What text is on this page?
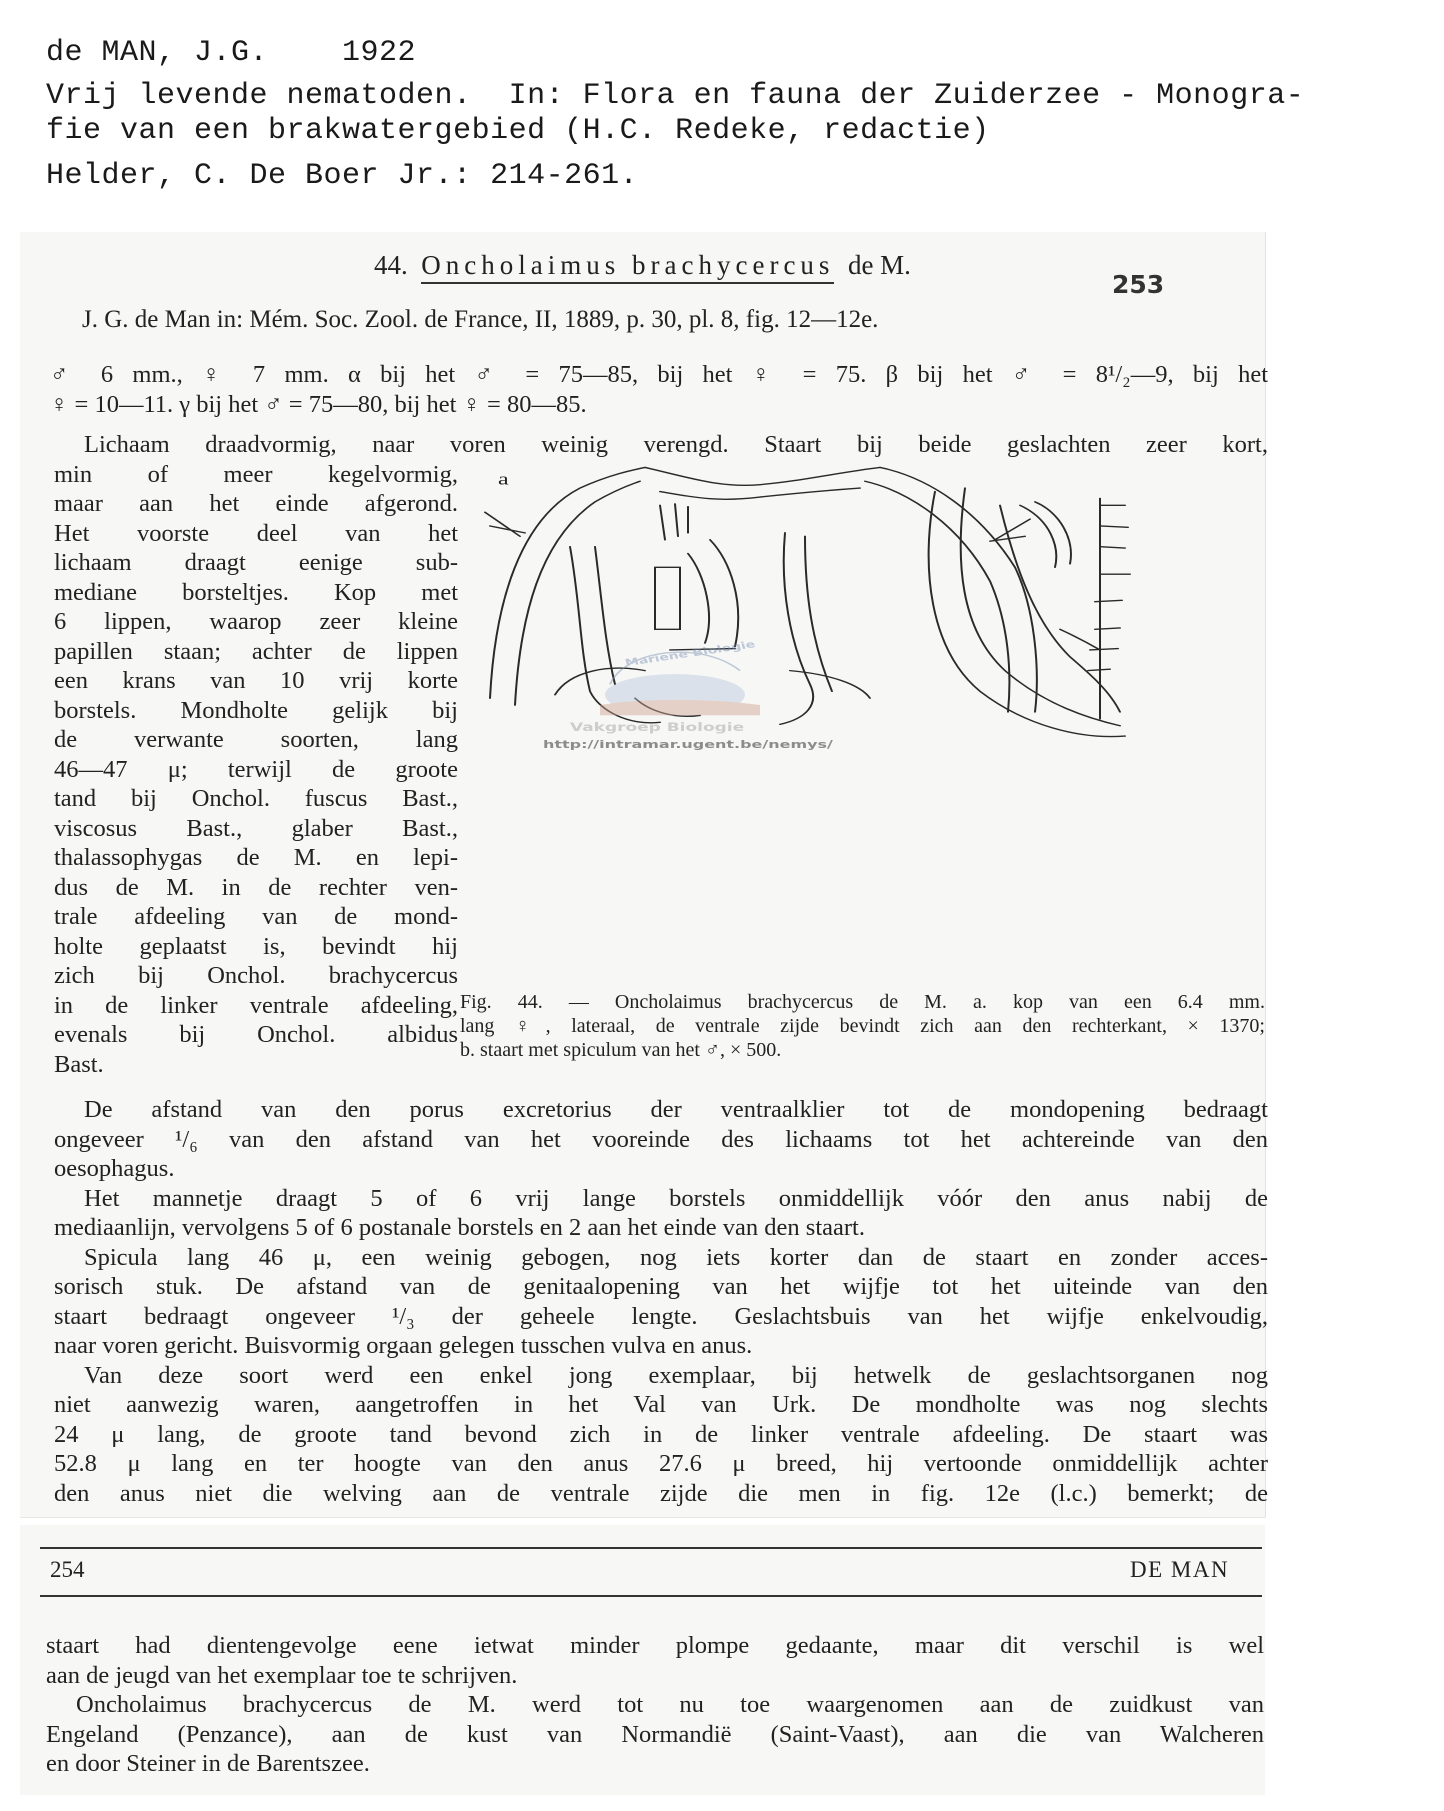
de MAN, J.G.    1922
Vrij levende nematoden.  In: Flora en fauna der Zuiderzee - Monogra-
fie van een brakwatergebied (H.C. Redeke, redactie)
Helder, C. De Boer Jr.: 214-261.
44. Oncholaimus brachycercus de M.
253
J. G. de Man in: Mém. Soc. Zool. de France, II, 1889, p. 30, pl. 8, fig. 12—12e.
♂ 6 mm., ♀ 7 mm. α bij het ♂ = 75—85, bij het ♀ = 75. β bij het ♂ = 8¹/₂—9, bij het
♀ = 10—11. γ bij het ♂ = 75—80, bij het ♀ = 80—85.
Lichaam draadvormig, naar voren weinig verengd. Staart bij beide geslachten zeer kort,
min of meer kegelvormig,
maar aan het einde afgerond.
Het voorste deel van het
lichaam draagt eenige sub-
mediane borsteltjes. Kop met
6 lippen, waarop zeer kleine
papillen staan; achter de lippen
een krans van 10 vrij korte
borstels. Mondholte gelijk bij
de verwante soorten, lang
46—47 μ; terwijl de groote
tand bij Onchol. fuscus Bast.,
viscosus Bast., glaber Bast.,
thalassophygas de M. en lepi-
dus de M. in de rechter ven-
trale afdeeling van de mond-
holte geplaatst is, bevindt hij
zich bij Onchol. brachycercus
in de linker ventrale afdeeling,
evenals bij Onchol. albidus
Bast.
a
Mariene Biologie
Vakgroep Biologie
http://intramar.ugent.be/nemys/
Fig. 44. — Oncholaimus brachycercus de M. a. kop van een 6.4 mm.
lang ♀, lateraal, de ventrale zijde bevindt zich aan den rechterkant, × 1370;
b. staart met spiculum van het ♂, × 500.
De afstand van den porus excretorius der ventraalklier tot de mondopening bedraagt
ongeveer ¹/₆ van den afstand van het vooreinde des lichaams tot het achtereinde van den
oesophagus.
Het mannetje draagt 5 of 6 vrij lange borstels onmiddellijk vóór den anus nabij de
mediaanlijn, vervolgens 5 of 6 postanale borstels en 2 aan het einde van den staart.
Spicula lang 46 μ, een weinig gebogen, nog iets korter dan de staart en zonder acces-
sorisch stuk. De afstand van de genitaalopening van het wijfje tot het uiteinde van den
staart bedraagt ongeveer ¹/₃ der geheele lengte. Geslachtsbuis van het wijfje enkelvoudig,
naar voren gericht. Buisvormig orgaan gelegen tusschen vulva en anus.
Van deze soort werd een enkel jong exemplaar, bij hetwelk de geslachtsorganen nog
niet aanwezig waren, aangetroffen in het Val van Urk. De mondholte was nog slechts
24 μ lang, de groote tand bevond zich in de linker ventrale afdeeling. De staart was
52.8 μ lang en ter hoogte van den anus 27.6 μ breed, hij vertoonde onmiddellijk achter
den anus niet die welving aan de ventrale zijde die men in fig. 12e (l.c.) bemerkt; de
254	DE MAN
staart had dientengevolge eene ietwat minder plompe gedaante, maar dit verschil is wel
aan de jeugd van het exemplaar toe te schrijven.
Oncholaimus brachycercus de M. werd tot nu toe waargenomen aan de zuidkust van
Engeland (Penzance), aan de kust van Normandië (Saint-Vaast), aan die van Walcheren
en door Steiner in de Barentszee.
